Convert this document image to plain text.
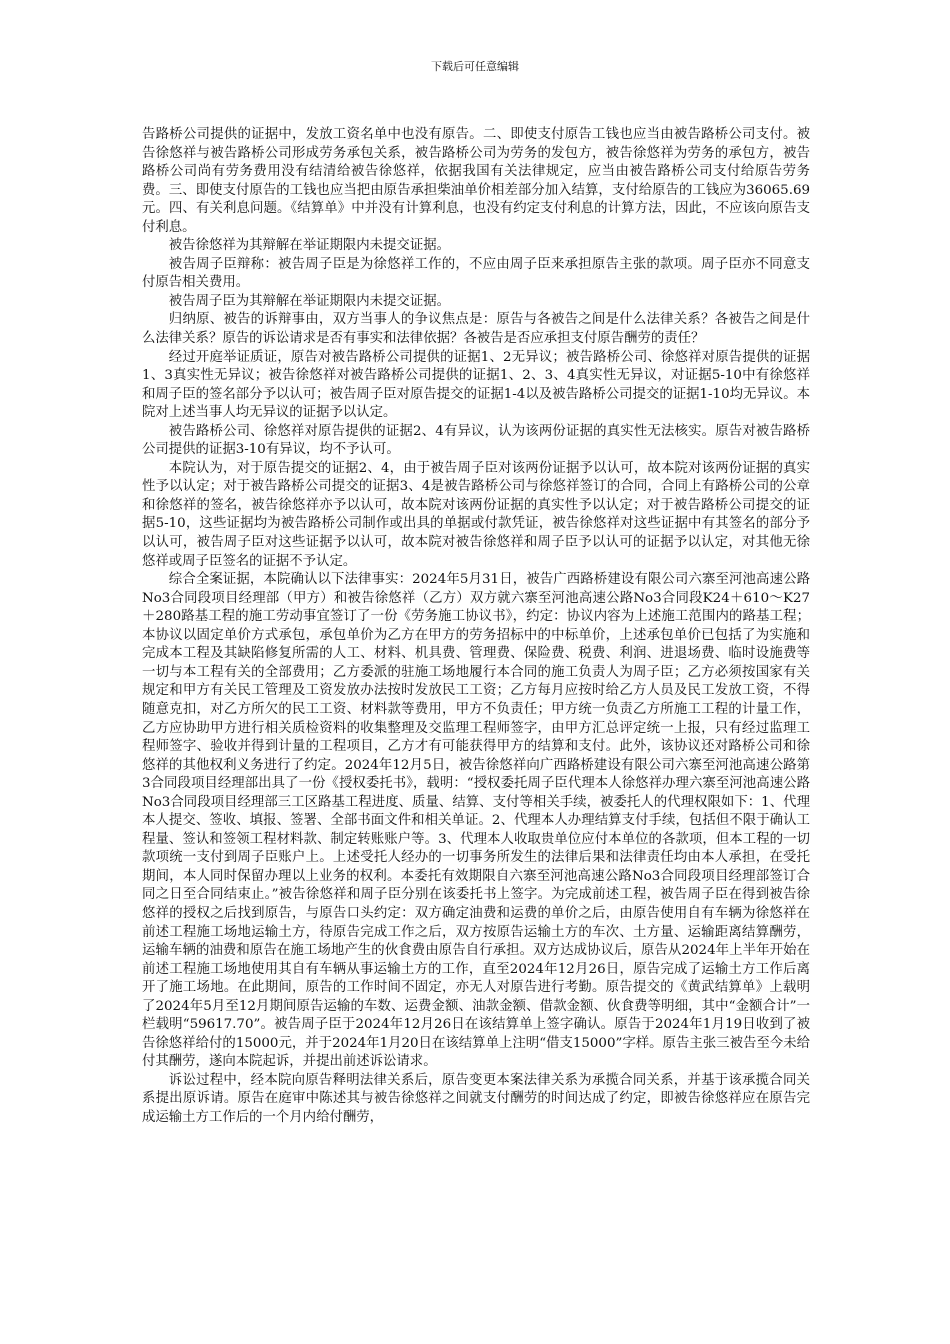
下载后可任意编辑

告路桥公司提供的证据中，发放工资名单中也没有原告。二、即使支付原告工钱也应当由被告路桥公司支付。被告徐悠祥与被告路桥公司形成劳务承包关系，被告路桥公司为劳务的发包方，被告徐悠祥为劳务的承包方，被告路桥公司尚有劳务费用没有结清给被告徐悠祥，依据我国有关法律规定，应当由被告路桥公司支付给原告劳务费。三、即使支付原告的工钱也应当把由原告承担柴油单价相差部分加入结算，支付给原告的工钱应为36065.69元。四、有关利息问题。《结算单》中并没有计算利息，也没有约定支付利息的计算方法，因此，不应该向原告支付利息。

被告徐悠祥为其辩解在举证期限内未提交证据。

被告周子臣辩称：被告周子臣是为徐悠祥工作的，不应由周子臣来承担原告主张的款项。周子臣亦不同意支付原告相关费用。

被告周子臣为其辩解在举证期限内未提交证据。

归纳原、被告的诉辩事由，双方当事人的争议焦点是：原告与各被告之间是什么法律关系？各被告之间是什么法律关系？原告的诉讼请求是否有事实和法律依据？各被告是否应承担支付原告酬劳的责任？

经过开庭举证质证，原告对被告路桥公司提供的证据1、2无异议；被告路桥公司、徐悠祥对原告提供的证据1、3真实性无异议；被告徐悠祥对被告路桥公司提供的证据1、2、3、4真实性无异议，对证据5-10中有徐悠祥和周子臣的签名部分予以认可；被告周子臣对原告提交的证据1-4以及被告路桥公司提交的证据1-10均无异议。本院对上述当事人均无异议的证据予以认定。

被告路桥公司、徐悠祥对原告提供的证据2、4有异议，认为该两份证据的真实性无法核实。原告对被告路桥公司提供的证据3-10有异议，均不予认可。

本院认为，对于原告提交的证据2、4，由于被告周子臣对该两份证据予以认可，故本院对该两份证据的真实性予以认定；对于被告路桥公司提交的证据3、4是被告路桥公司与徐悠祥签订的合同，合同上有路桥公司的公章和徐悠祥的签名，被告徐悠祥亦予以认可，故本院对该两份证据的真实性予以认定；对于被告路桥公司提交的证据5-10，这些证据均为被告路桥公司制作或出具的单据或付款凭证，被告徐悠祥对这些证据中有其签名的部分予以认可，被告周子臣对这些证据予以认可，故本院对被告徐悠祥和周子臣予以认可的证据予以认定，对其他无徐悠祥或周子臣签名的证据不予认定。

综合全案证据，本院确认以下法律事实：2024年5月31日，被告广西路桥建设有限公司六寨至河池高速公路No3合同段项目经理部（甲方）和被告徐悠祥（乙方）双方就六寨至河池高速公路No3合同段K24＋610～K27＋280路基工程的施工劳动事宜签订了一份《劳务施工协议书》，约定：协议内容为上述施工范围内的路基工程；本协议以固定单价方式承包，承包单价为乙方在甲方的劳务招标中的中标单价，上述承包单价已包括了为实施和完成本工程及其缺陷修复所需的人工、材料、机具费、管理费、保险费、税费、利润、进退场费、临时设施费等一切与本工程有关的全部费用；乙方委派的驻施工场地履行本合同的施工负责人为周子臣；乙方必须按国家有关规定和甲方有关民工管理及工资发放办法按时发放民工工资；乙方每月应按时给乙方人员及民工发放工资，不得随意克扣，对乙方所欠的民工工资、材料款等费用，甲方不负责任；甲方统一负责乙方所施工工程的计量工作，乙方应协助甲方进行相关质检资料的收集整理及交监理工程师签字，由甲方汇总评定统一上报，只有经过监理工程师签字、验收并得到计量的工程项目，乙方才有可能获得甲方的结算和支付。此外，该协议还对路桥公司和徐悠祥的其他权利义务进行了约定。2024年12月5日，被告徐悠祥向广西路桥建设有限公司六寨至河池高速公路第3合同段项目经理部出具了一份《授权委托书》，载明：“授权委托周子臣代理本人徐悠祥办理六寨至河池高速公路No3合同段项目经理部三工区路基工程进度、质量、结算、支付等相关手续，被委托人的代理权限如下：1、代理本人提交、签收、填报、签署、全部书面文件和相关单证。2、代理本人办理结算支付手续，包括但不限于确认工程量、签认和签领工程材料款、制定转账账户等。3、代理本人收取贵单位应付本单位的各款项，但本工程的一切款项统一支付到周子臣账户上。上述受托人经办的一切事务所发生的法律后果和法律责任均由本人承担，在受托期间，本人同时保留办理以上业务的权利。本委托有效期限自六寨至河池高速公路No3合同段项目经理部签订合同之日至合同结束止。”被告徐悠祥和周子臣分别在该委托书上签字。为完成前述工程，被告周子臣在得到被告徐悠祥的授权之后找到原告，与原告口头约定：双方确定油费和运费的单价之后，由原告使用自有车辆为徐悠祥在前述工程施工场地运输土方，待原告完成工作之后，双方按原告运输土方的车次、土方量、运输距离结算酬劳，运输车辆的油费和原告在施工场地产生的伙食费由原告自行承担。双方达成协议后，原告从2024年上半年开始在前述工程施工场地使用其自有车辆从事运输土方的工作，直至2024年12月26日，原告完成了运输土方工作后离开了施工场地。在此期间，原告的工作时间不固定，亦无人对原告进行考勤。原告提交的《黄武结算单》上载明了2024年5月至12月期间原告运输的车数、运费金额、油款金额、借款金额、伙食费等明细，其中“金额合计”一栏载明“59617.70”。被告周子臣于2024年12月26日在该结算单上签字确认。原告于2024年1月19日收到了被告徐悠祥给付的15000元，并于2024年1月20日在该结算单上注明“借支15000”字样。原告主张三被告至今未给付其酬劳，遂向本院起诉，并提出前述诉讼请求。

诉讼过程中，经本院向原告释明法律关系后，原告变更本案法律关系为承揽合同关系，并基于该承揽合同关系提出原诉请。原告在庭审中陈述其与被告徐悠祥之间就支付酬劳的时间达成了约定，即被告徐悠祥应在原告完成运输土方工作后的一个月内给付酬劳，
